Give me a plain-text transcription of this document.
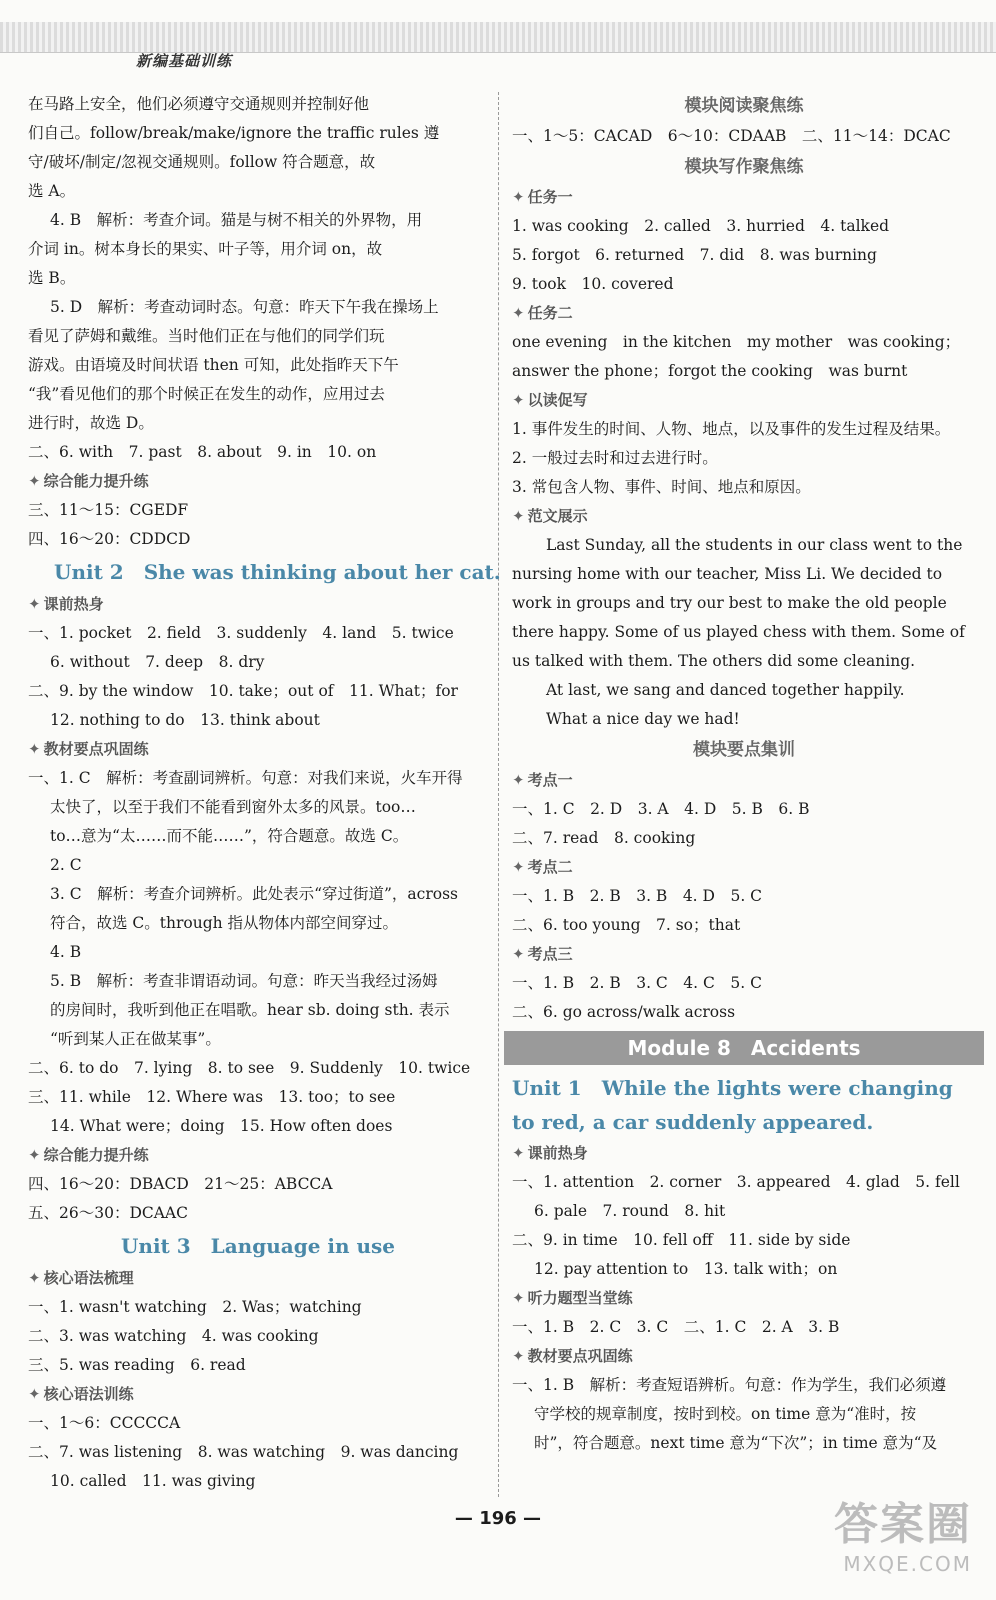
新编基础训练
在马路上安全，他们必须遵守交通规则并控制好他
们自己。follow/break/make/ignore the traffic rules 遵
守/破坏/制定/忽视交通规则。follow 符合题意，故
选 A。
4. B　解析：考查介词。猫是与树不相关的外界物，用
介词 in。树本身长的果实、叶子等，用介词 on，故
选 B。
5. D　解析：考查动词时态。句意：昨天下午我在操场上
看见了萨姆和戴维。当时他们正在与他们的同学们玩
游戏。由语境及时间状语 then 可知，此处指昨天下午
“我”看见他们的那个时候正在发生的动作，应用过去
进行时，故选 D。
二、6. with　7. past　8. about　9. in　10. on
✦ 综合能力提升练
三、11～15：CGEDF
四、16～20：CDDCD
Unit 2　She was thinking about her cat.
✦ 课前热身
一、1. pocket　2. field　3. suddenly　4. land　5. twice
6. without　7. deep　8. dry
二、9. by the window　10. take；out of　11. What；for
12. nothing to do　13. think about
✦ 教材要点巩固练
一、1. C　解析：考查副词辨析。句意：对我们来说，火车开得
太快了，以至于我们不能看到窗外太多的风景。too…
to…意为“太……而不能……”，符合题意。故选 C。
2. C
3. C　解析：考查介词辨析。此处表示“穿过街道”，across
符合，故选 C。through 指从物体内部空间穿过。
4. B
5. B　解析：考查非谓语动词。句意：昨天当我经过汤姆
的房间时，我听到他正在唱歌。hear sb. doing sth. 表示
“听到某人正在做某事”。
二、6. to do　7. lying　8. to see　9. Suddenly　10. twice
三、11. while　12. Where was　13. too；to see
14. What were；doing　15. How often does
✦ 综合能力提升练
四、16～20：DBACD　21～25：ABCCA
五、26～30：DCAAC
Unit 3　Language in use
✦ 核心语法梳理
一、1. wasn't watching　2. Was；watching
二、3. was watching　4. was cooking
三、5. was reading　6. read
✦ 核心语法训练
一、1～6：CCCCCA
二、7. was listening　8. was watching　9. was dancing
10. called　11. was giving
模块阅读聚焦练
一、1～5：CACAD　6～10：CDAAB　二、11～14：DCAC
模块写作聚焦练
✦ 任务一
1. was cooking　2. called　3. hurried　4. talked
5. forgot　6. returned　7. did　8. was burning
9. took　10. covered
✦ 任务二
one evening　in the kitchen　my mother　was cooking；
answer the phone；forgot the cooking　was burnt
✦ 以读促写
1. 事件发生的时间、人物、地点，以及事件的发生过程及结果。
2. 一般过去时和过去进行时。
3. 常包含人物、事件、时间、地点和原因。
✦ 范文展示
Last Sunday, all the students in our class went to the nursing home with our teacher, Miss Li. We decided to work in groups and try our best to make the old people there happy. Some of us played chess with them. Some of us talked with them. The others did some cleaning.
At last, we sang and danced together happily.
What a nice day we had!
模块要点集训
✦ 考点一
一、1. C　2. D　3. A　4. D　5. B　6. B
二、7. read　8. cooking
✦ 考点二
一、1. B　2. B　3. B　4. D　5. C
二、6. too young　7. so；that
✦ 考点三
一、1. B　2. B　3. C　4. C　5. C
二、6. go across/walk across
Module 8　Accidents
Unit 1　While the lights were changing to red, a car suddenly appeared.
✦ 课前热身
一、1. attention　2. corner　3. appeared　4. glad　5. fell
6. pale　7. round　8. hit
二、9. in time　10. fell off　11. side by side
12. pay attention to　13. talk with；on
✦ 听力题型当堂练
一、1. B　2. C　3. C　二、1. C　2. A　3. B
✦ 教材要点巩固练
一、1. B　解析：考查短语辨析。句意：作为学生，我们必须遵
守学校的规章制度，按时到校。on time 意为“准时，按
时”，符合题意。next time 意为“下次”；in time 意为“及
— 196 —	答案圈
MXQE.COM
